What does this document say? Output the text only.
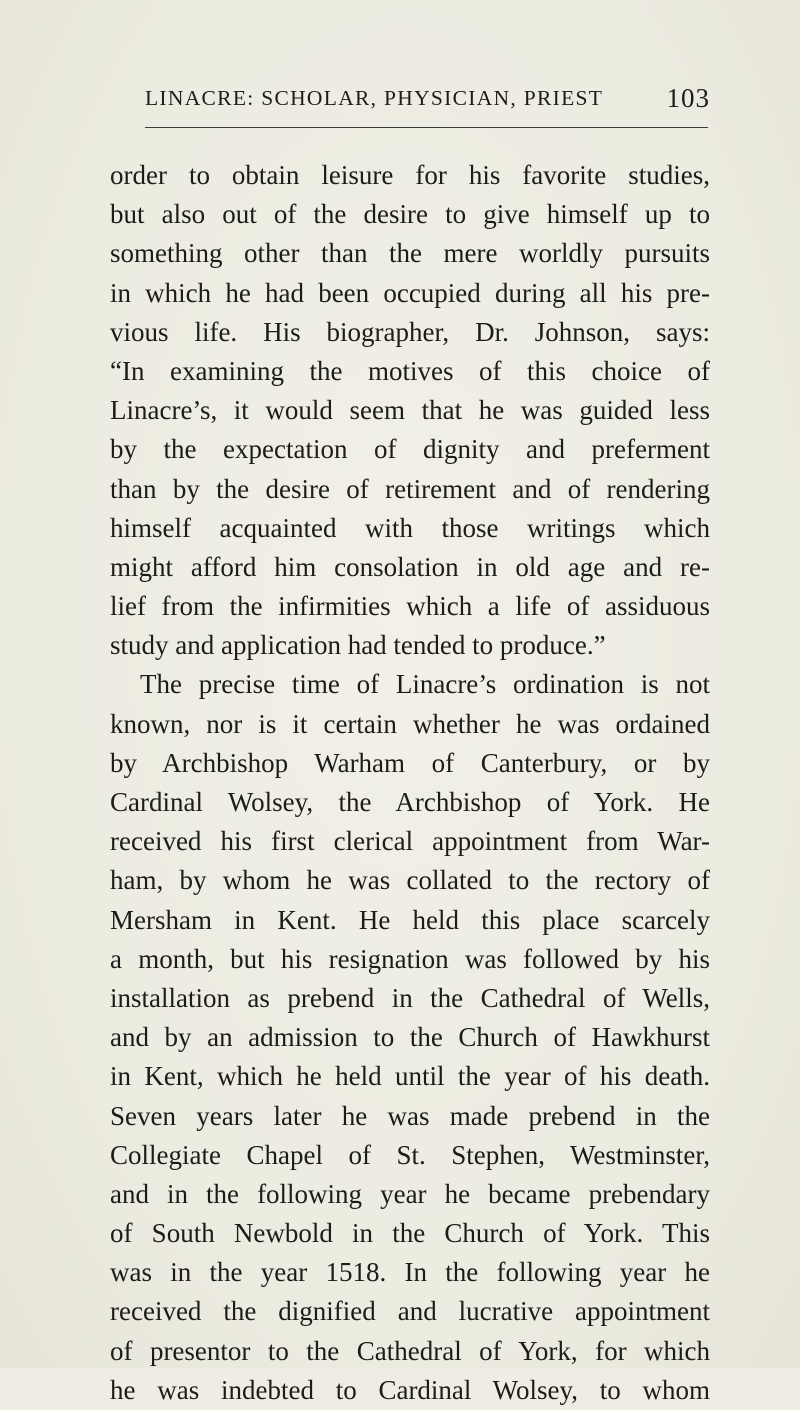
LINACRE: SCHOLAR, PHYSICIAN, PRIEST 103
order to obtain leisure for his favorite studies,
but also out of the desire to give himself up to
something other than the mere worldly pursuits
in which he had been occupied during all his pre-
vious life. His biographer, Dr. Johnson, says:
“In examining the motives of this choice of
Linacre’s, it would seem that he was guided less
by the expectation of dignity and preferment
than by the desire of retirement and of rendering
himself acquainted with those writings which
might afford him consolation in old age and re-
lief from the infirmities which a life of assiduous
study and application had tended to produce.”
The precise time of Linacre’s ordination is not
known, nor is it certain whether he was ordained
by Archbishop Warham of Canterbury, or by
Cardinal Wolsey, the Archbishop of York. He
received his first clerical appointment from War-
ham, by whom he was collated to the rectory of
Mersham in Kent. He held this place scarcely
a month, but his resignation was followed by his
installation as prebend in the Cathedral of Wells,
and by an admission to the Church of Hawkhurst
in Kent, which he held until the year of his death.
Seven years later he was made prebend in the
Collegiate Chapel of St. Stephen, Westminster,
and in the following year he became prebendary
of South Newbold in the Church of York. This
was in the year 1518. In the following year he
received the dignified and lucrative appointment
of presentor to the Cathedral of York, for which
he was indebted to Cardinal Wolsey, to whom
